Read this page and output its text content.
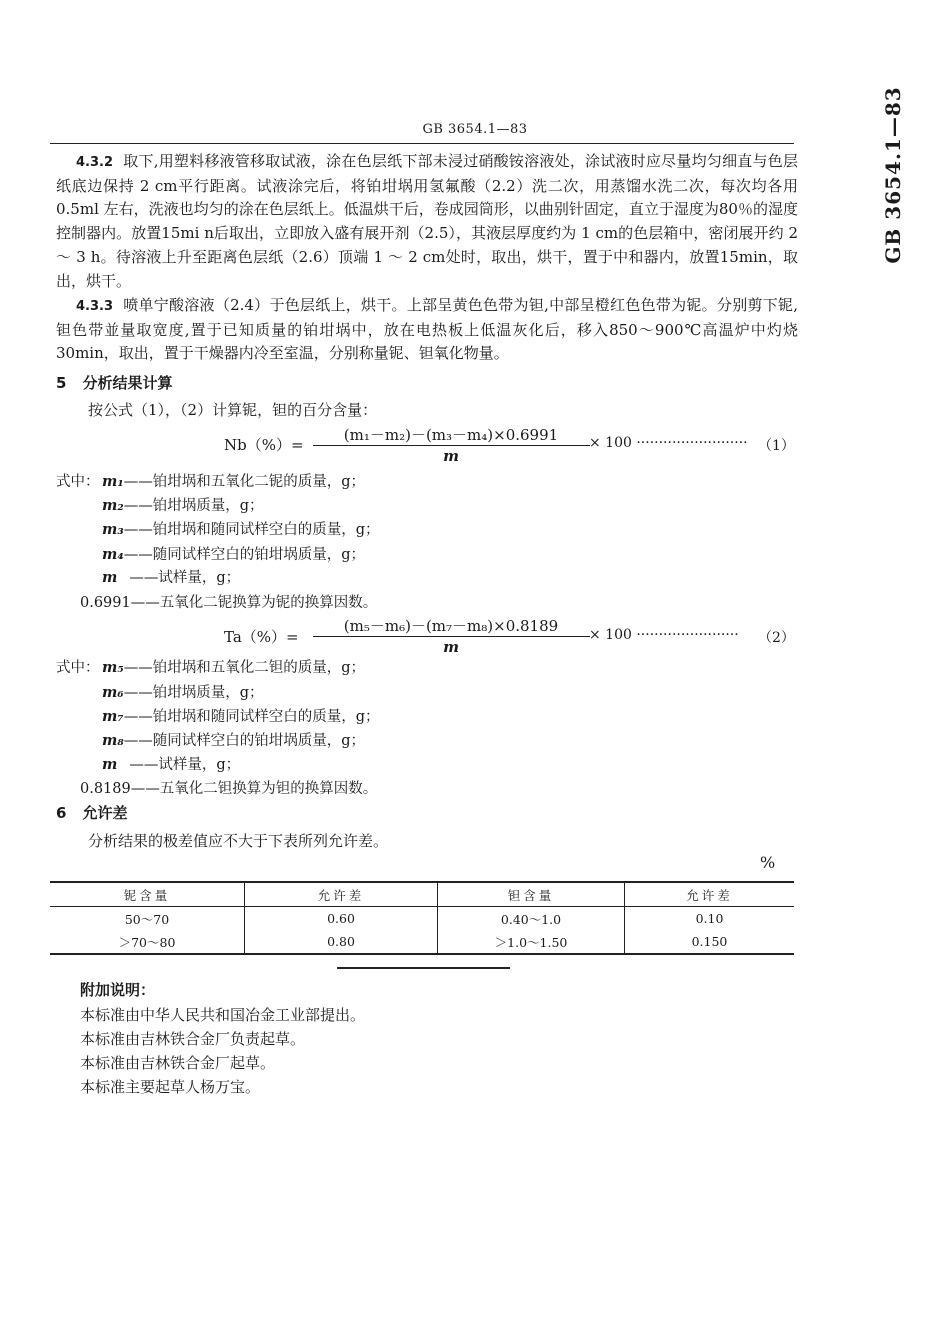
GB 3654.1—83	GB 3654.1—83
4.3.2 取下,用塑料移液管移取试液，涂在色层纸下部未浸过硝酸铵溶液处，涂试液时应尽量均匀细直与色层纸底边保持 2 cm平行距离。试液涂完后，将铂坩埚用氢氟酸（2.2）洗二次，用蒸馏水洗二次，每次均各用0.5ml 左右，洗液也均匀的涂在色层纸上。低温烘干后，卷成园筒形，以曲别针固定，直立于湿度为80％的湿度控制器内。放置15mi n后取出，立即放入盛有展开剂（2.5），其液层厚度约为 1 cm的色层箱中，密闭展开约 2 ～ 3 h。待溶液上升至距离色层纸（2.6）顶端 1 ～ 2 cm处时，取出，烘干，置于中和器内，放置15min，取出，烘干。
4.3.3 喷单宁酸溶液（2.4）于色层纸上，烘干。上部呈黄色色带为钽,中部呈橙红色色带为铌。分别剪下铌,钽色带並量取宽度,置于已知质量的铂坩埚中，放在电热板上低温灰化后，移入850～900℃高温炉中灼烧30min，取出，置于干燥器内冷至室温，分别称量铌、钽氧化物量。
5 分析结果计算
按公式（1），（2）计算铌，钽的百分含量：
Nb（%）=
(m₁－m₂)－(m₃－m₄)×0.6991
m
× 100 ························· （1）
式中： m₁——铂坩埚和五氧化二铌的质量，g；
m₂——铂坩埚质量，g；
m₃——铂坩埚和随同试样空白的质量，g；
m₄——随同试样空白的铂坩埚质量，g；
m ——试样量，g；
0.6991——五氧化二铌换算为铌的换算因数。
Ta（%）=
(m₅－m₆)－(m₇－m₈)×0.8189
m
× 100 ······················· （2）
式中： m₅——铂坩埚和五氧化二钽的质量，g；
m₆——铂坩埚质量，g；
m₇——铂坩埚和随同试样空白的质量，g；
m₈——随同试样空白的铂坩埚质量，g；
m ——试样量，g；
0.8189——五氧化二钽换算为钽的换算因数。
6 允许差
分析结果的极差值应不大于下表所列允许差。
%
铌含量	允许差	钽含量	允许差
50～70	0.60	0.40～1.0	0.10
＞70～80	0.80	＞1.0～1.50	0.150
附加说明：
本标准由中华人民共和国冶金工业部提出。
本标准由吉林铁合金厂负责起草。
本标准由吉林铁合金厂起草。
本标准主要起草人杨万宝。
